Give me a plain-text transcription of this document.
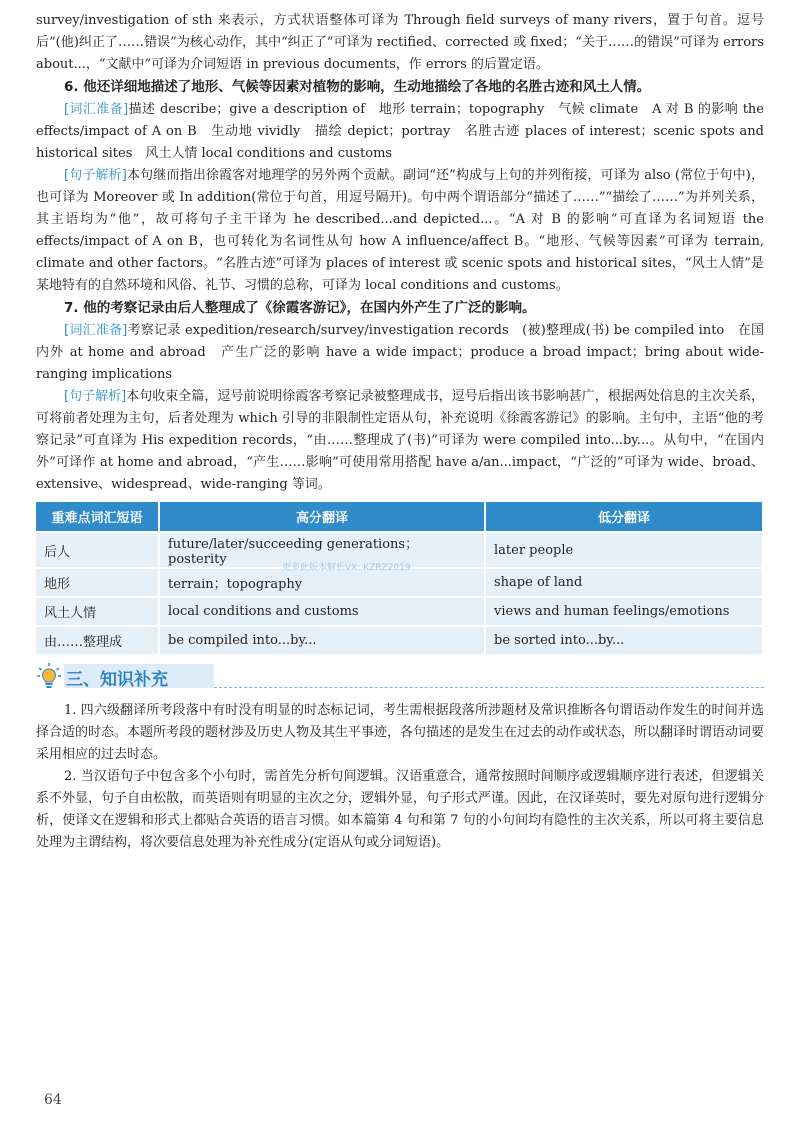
survey/investigation of sth 来表示，方式状语整体可译为 Through field surveys of many rivers，置于句首。逗号后“(他)纠正了……错误”为核心动作，其中“纠正了”可译为 rectified、corrected 或 fixed；“关于……的错误”可译为 errors about...，“文献中”可译为介词短语 in previous documents，作 errors 的后置定语。

6. 他还详细地描述了地形、气候等因素对植物的影响，生动地描绘了各地的名胜古迹和风土人情。

[词汇准备]描述 describe；give a description of　地形 terrain；topography　气候 climate　A 对 B 的影响 the effects/impact of A on B　生动地 vividly　描绘 depict；portray　名胜古迹 places of interest；scenic spots and historical sites　风土人情 local conditions and customs

[句子解析]本句继而指出徐霞客对地理学的另外两个贡献。副词“还”构成与上句的并列衔接，可译为 also (常位于句中)，也可译为 Moreover 或 In addition(常位于句首，用逗号隔开)。句中两个谓语部分“描述了……”“描绘了……”为并列关系，其主语均为“他”，故可将句子主干译为 he described...and depicted...。“A 对 B 的影响”可直译为名词短语 the effects/impact of A on B，也可转化为名词性从句 how A influence/affect B。“地形、气候等因素”可译为 terrain, climate and other factors。“名胜古迹”可译为 places of interest 或 scenic spots and historical sites，“风土人情”是某地特有的自然环境和风俗、礼节、习惯的总称，可译为 local conditions and customs。

7. 他的考察记录由后人整理成了《徐霞客游记》，在国内外产生了广泛的影响。

[词汇准备]考察记录 expedition/research/survey/investigation records　(被)整理成(书) be compiled into　在国内外 at home and abroad　产生广泛的影响 have a wide impact；produce a broad impact；bring about wide-ranging implications

[句子解析]本句收束全篇，逗号前说明徐霞客考察记录被整理成书，逗号后指出该书影响甚广，根据两处信息的主次关系，可将前者处理为主句，后者处理为 which 引导的非限制性定语从句，补充说明《徐霞客游记》的影响。主句中，主语“他的考察记录”可直译为 His expedition records，“由……整理成了(书)”可译为 were compiled into...by...。从句中，“在国内外”可译作 at home and abroad，“产生……影响”可使用常用搭配 have a/an...impact，“广泛的”可译为 wide、broad、extensive、widespread、wide-ranging 等词。

重难点词汇短语	高分翻译	低分翻译
后人	future/later/succeeding generations；posterity	later people
地形	terrain；topography	shape of land
风土人情	local conditions and customs	views and human feelings/emotions
由……整理成	be compiled into...by...	be sorted into...by...
三、知识补充

1. 四六级翻译所考段落中有时没有明显的时态标记词，考生需根据段落所涉题材及常识推断各句谓语动作发生的时间并选择合适的时态。本题所考段的题材涉及历史人物及其生平事迹，各句描述的是发生在过去的动作或状态，所以翻译时谓语动词要采用相应的过去时态。

2. 当汉语句子中包含多个小句时，需首先分析句间逻辑。汉语重意合，通常按照时间顺序或逻辑顺序进行表述，但逻辑关系不外显，句子自由松散，而英语则有明显的主次之分，逻辑外显，句子形式严谨。因此，在汉译英时，要先对原句进行逻辑分析，使译文在逻辑和形式上都贴合英语的语言习惯。如本篇第 4 句和第 7 句的小句间均有隐性的主次关系，所以可将主要信息处理为主谓结构，将次要信息处理为补充性成分(定语从句或分词短语)。

更多此版本解析VX: KZRZ2019
64
